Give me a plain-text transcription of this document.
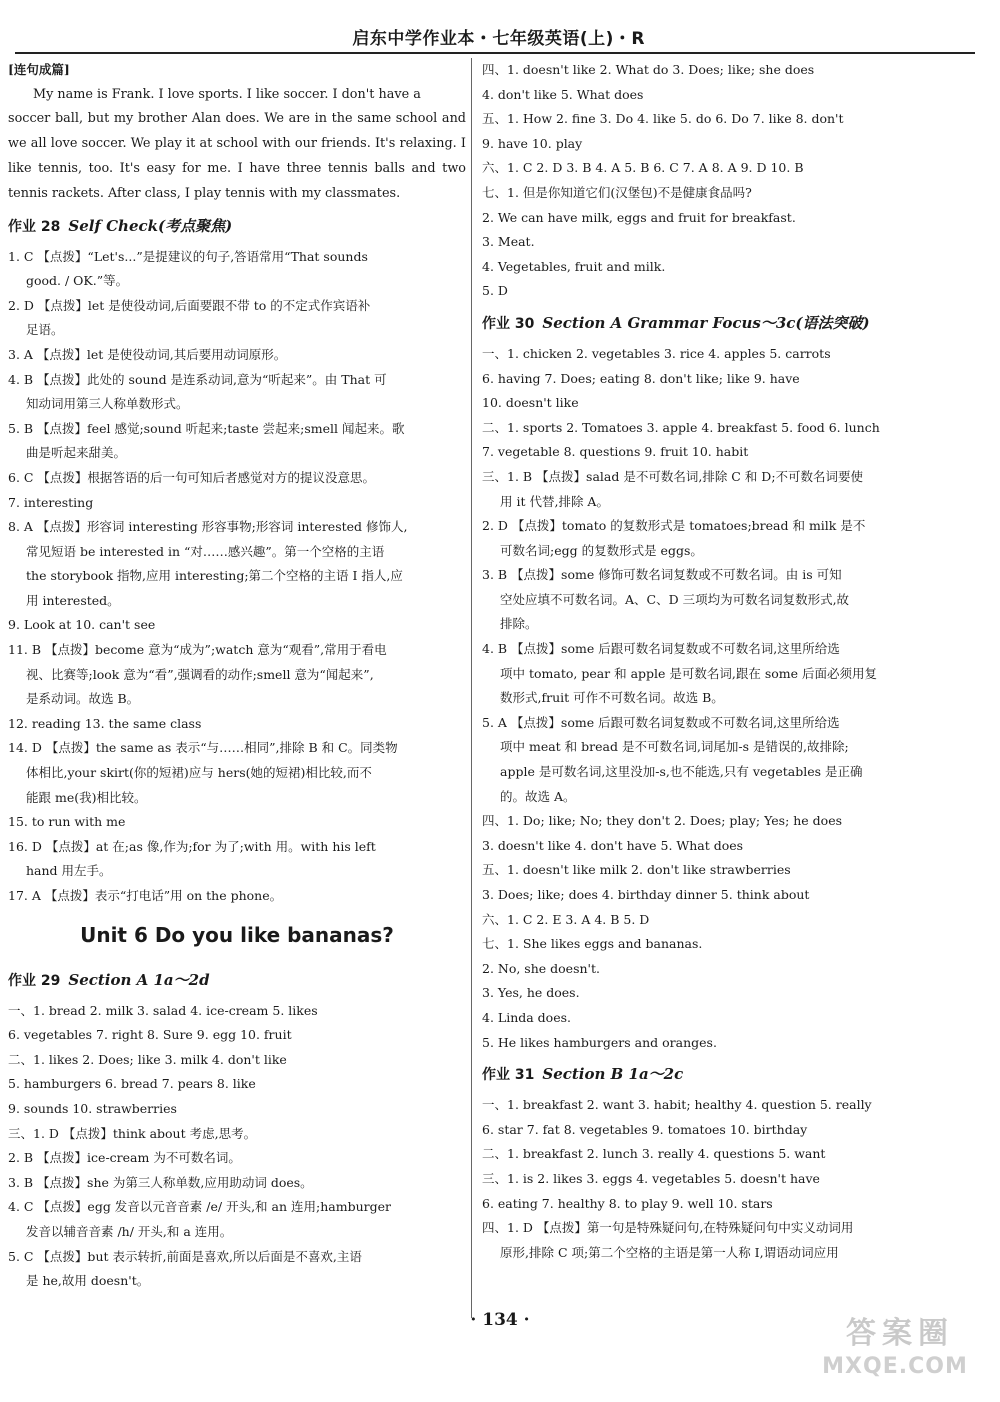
启东中学作业本・七年级英语(上)・R
[连句成篇]
My name is Frank. I love sports. I like soccer. I don't have a
soccer ball, but my brother Alan does. We are in the same school and we all love soccer. We play it at school with our friends. It's relaxing. I like tennis, too. It's easy for me. I have three tennis balls and two tennis rackets. After class, I play tennis with my classmates.
作业 28 Self Check(考点聚焦)
1. C 【点拨】“Let's...”是提建议的句子,答语常用“That sounds
good. / OK.”等。
2. D 【点拨】let 是使役动词,后面要跟不带 to 的不定式作宾语补
足语。
3. A 【点拨】let 是使役动词,其后要用动词原形。
4. B 【点拨】此处的 sound 是连系动词,意为“听起来”。由 That 可
知动词用第三人称单数形式。
5. B 【点拨】feel 感觉;sound 听起来;taste 尝起来;smell 闻起来。歌
曲是听起来甜美。
6. C 【点拨】根据答语的后一句可知后者感觉对方的提议没意思。
7. interesting
8. A 【点拨】形容词 interesting 形容事物;形容词 interested 修饰人,
常见短语 be interested in “对……感兴趣”。第一个空格的主语
the storybook 指物,应用 interesting;第二个空格的主语 I 指人,应
用 interested。
9. Look at 10. can't see
11. B 【点拨】become 意为“成为”;watch 意为“观看”,常用于看电
视、比赛等;look 意为“看”,强调看的动作;smell 意为“闻起来”,
是系动词。故选 B。
12. reading 13. the same class
14. D 【点拨】the same as 表示“与……相同”,排除 B 和 C。同类物
体相比,your skirt(你的短裙)应与 hers(她的短裙)相比较,而不
能跟 me(我)相比较。
15. to run with me
16. D 【点拨】at 在;as 像,作为;for 为了;with 用。with his left
hand 用左手。
17. A 【点拨】表示“打电话”用 on the phone。
Unit 6 Do you like bananas?
作业 29 Section A 1a～2d
一、1. bread 2. milk 3. salad 4. ice-cream 5. likes
6. vegetables 7. right 8. Sure 9. egg 10. fruit
二、1. likes 2. Does; like 3. milk 4. don't like
5. hamburgers 6. bread 7. pears 8. like
9. sounds 10. strawberries
三、1. D 【点拨】think about 考虑,思考。
2. B 【点拨】ice-cream 为不可数名词。
3. B 【点拨】she 为第三人称单数,应用助动词 does。
4. C 【点拨】egg 发音以元音音素 /e/ 开头,和 an 连用;hamburger
发音以辅音音素 /h/ 开头,和 a 连用。
5. C 【点拨】but 表示转折,前面是喜欢,所以后面是不喜欢,主语
是 he,故用 doesn't。
四、1. doesn't like 2. What do 3. Does; like; she does
4. don't like 5. What does
五、1. How 2. fine 3. Do 4. like 5. do 6. Do 7. like 8. don't
9. have 10. play
六、1. C 2. D 3. B 4. A 5. B 6. C 7. A 8. A 9. D 10. B
七、1. 但是你知道它们(汉堡包)不是健康食品吗?
2. We can have milk, eggs and fruit for breakfast.
3. Meat.
4. Vegetables, fruit and milk.
5. D
作业 30 Section A Grammar Focus～3c(语法突破)
一、1. chicken 2. vegetables 3. rice 4. apples 5. carrots
6. having 7. Does; eating 8. don't like; like 9. have
10. doesn't like
二、1. sports 2. Tomatoes 3. apple 4. breakfast 5. food 6. lunch
7. vegetable 8. questions 9. fruit 10. habit
三、1. B 【点拨】salad 是不可数名词,排除 C 和 D;不可数名词要使
用 it 代替,排除 A。
2. D 【点拨】tomato 的复数形式是 tomatoes;bread 和 milk 是不
可数名词;egg 的复数形式是 eggs。
3. B 【点拨】some 修饰可数名词复数或不可数名词。由 is 可知
空处应填不可数名词。A、C、D 三项均为可数名词复数形式,故
排除。
4. B 【点拨】some 后跟可数名词复数或不可数名词,这里所给选
项中 tomato, pear 和 apple 是可数名词,跟在 some 后面必须用复
数形式,fruit 可作不可数名词。故选 B。
5. A 【点拨】some 后跟可数名词复数或不可数名词,这里所给选
项中 meat 和 bread 是不可数名词,词尾加-s 是错误的,故排除;
apple 是可数名词,这里没加-s,也不能选,只有 vegetables 是正确
的。故选 A。
四、1. Do; like; No; they don't 2. Does; play; Yes; he does
3. doesn't like 4. don't have 5. What does
五、1. doesn't like milk 2. don't like strawberries
3. Does; like; does 4. birthday dinner 5. think about
六、1. C 2. E 3. A 4. B 5. D
七、1. She likes eggs and bananas.
2. No, she doesn't.
3. Yes, he does.
4. Linda does.
5. He likes hamburgers and oranges.
作业 31 Section B 1a～2c
一、1. breakfast 2. want 3. habit; healthy 4. question 5. really
6. star 7. fat 8. vegetables 9. tomatoes 10. birthday
二、1. breakfast 2. lunch 3. really 4. questions 5. want
三、1. is 2. likes 3. eggs 4. vegetables 5. doesn't have
6. eating 7. healthy 8. to play 9. well 10. stars
四、1. D 【点拨】第一句是特殊疑问句,在特殊疑问句中实义动词用
原形,排除 C 项;第二个空格的主语是第一人称 I,谓语动词应用
· 134 ·	答案圈
MXQE.COM
